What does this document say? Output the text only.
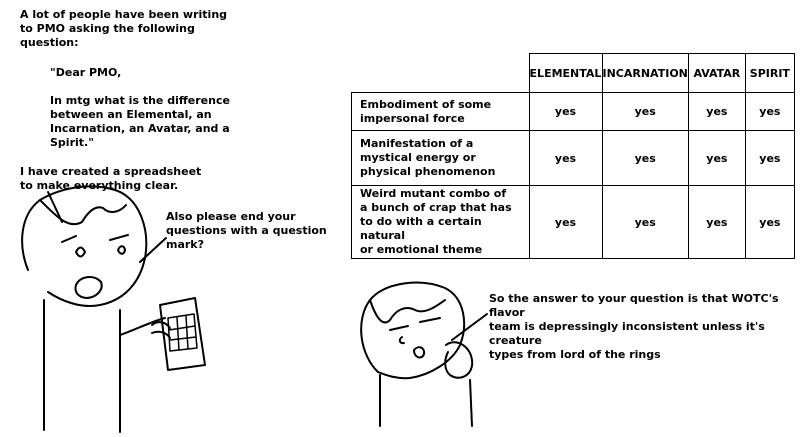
A lot of people have been writing
to PMO asking the following
question:
"Dear PMO,
In mtg what is the difference
between an Elemental, an
Incarnation, an Avatar, and a
Spirit."
I have created a spreadsheet
to make everything clear.
Also please end your
questions with a question
mark?
So the answer to your question is that WOTC's flavor
team is depressingly inconsistent unless it's creature
types from lord of the rings
	ELEMENTAL	INCARNATION	AVATAR	SPIRIT
Embodiment of some
impersonal force	yes	yes	yes	yes
Manifestation of a
mystical energy or
physical phenomenon	yes	yes	yes	yes
Weird mutant combo of
a bunch of crap that has
to do with a certain natural
or emotional theme	yes	yes	yes	yes
